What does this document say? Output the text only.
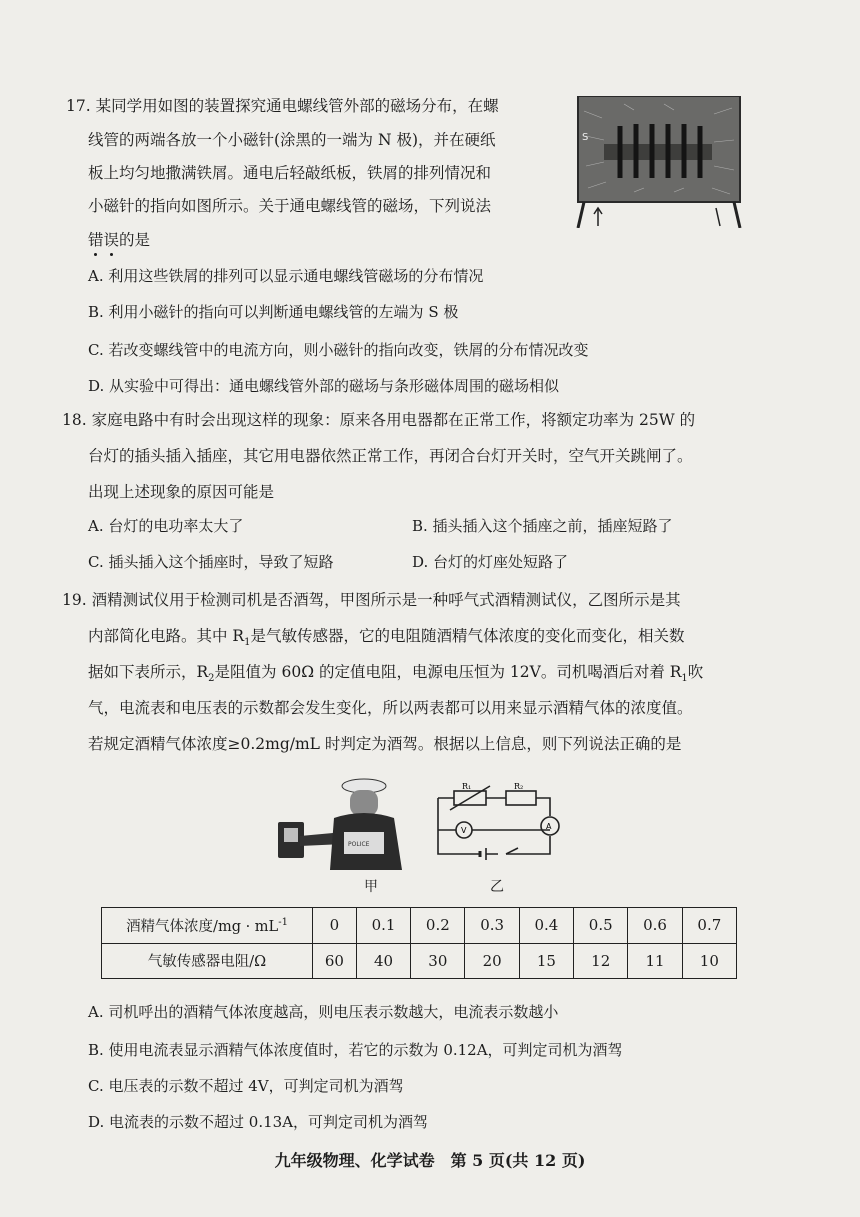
17. 某同学用如图的装置探究通电螺线管外部的磁场分布，在螺
线管的两端各放一个小磁针(涂黑的一端为 N 极)，并在硬纸
板上均匀地撒满铁屑。通电后轻敲纸板，铁屑的排列情况和
小磁针的指向如图所示。关于通电螺线管的磁场，下列说法
错误的是
S
A. 利用这些铁屑的排列可以显示通电螺线管磁场的分布情况
B. 利用小磁针的指向可以判断通电螺线管的左端为 S 极
C. 若改变螺线管中的电流方向，则小磁针的指向改变，铁屑的分布情况改变
D. 从实验中可得出：通电螺线管外部的磁场与条形磁体周围的磁场相似
18. 家庭电路中有时会出现这样的现象：原来各用电器都在正常工作，将额定功率为 25W 的
台灯的插头插入插座，其它用电器依然正常工作，再闭合台灯开关时，空气开关跳闸了。
出现上述现象的原因可能是
A. 台灯的电功率太大了	B. 插头插入这个插座之前，插座短路了
C. 插头插入这个插座时，导致了短路	D. 台灯的灯座处短路了
19. 酒精测试仪用于检测司机是否酒驾，甲图所示是一种呼气式酒精测试仪，乙图所示是其
内部简化电路。其中 $R_1$是气敏传感器，它的电阻随酒精气体浓度的变化而变化，相关数
据如下表所示，$R_2$是阻值为 60Ω 的定值电阻，电源电压恒为 12V。司机喝酒后对着 $R_1$吹
气，电流表和电压表的示数都会发生变化，所以两表都可以用来显示酒精气体的浓度值。
若规定酒精气体浓度≥0.2mg/mL 时判定为酒驾。根据以上信息，则下列说法正确的是
POLICE
R₁	R₂
V	A
甲	乙
酒精气体浓度$/mg \cdot mL^{-1}$	0	0.1	0.2	0.3	0.4	0.5	0.6	0.7
气敏传感器电阻/Ω	60	40	30	20	15	12	11	10
A. 司机呼出的酒精气体浓度越高，则电压表示数越大，电流表示数越小
B. 使用电流表显示酒精气体浓度值时，若它的示数为 0.12A，可判定司机为酒驾
C. 电压表的示数不超过 4V，可判定司机为酒驾
D. 电流表的示数不超过 0.13A，可判定司机为酒驾
九年级物理、化学试卷　第 5 页(共 12 页)
